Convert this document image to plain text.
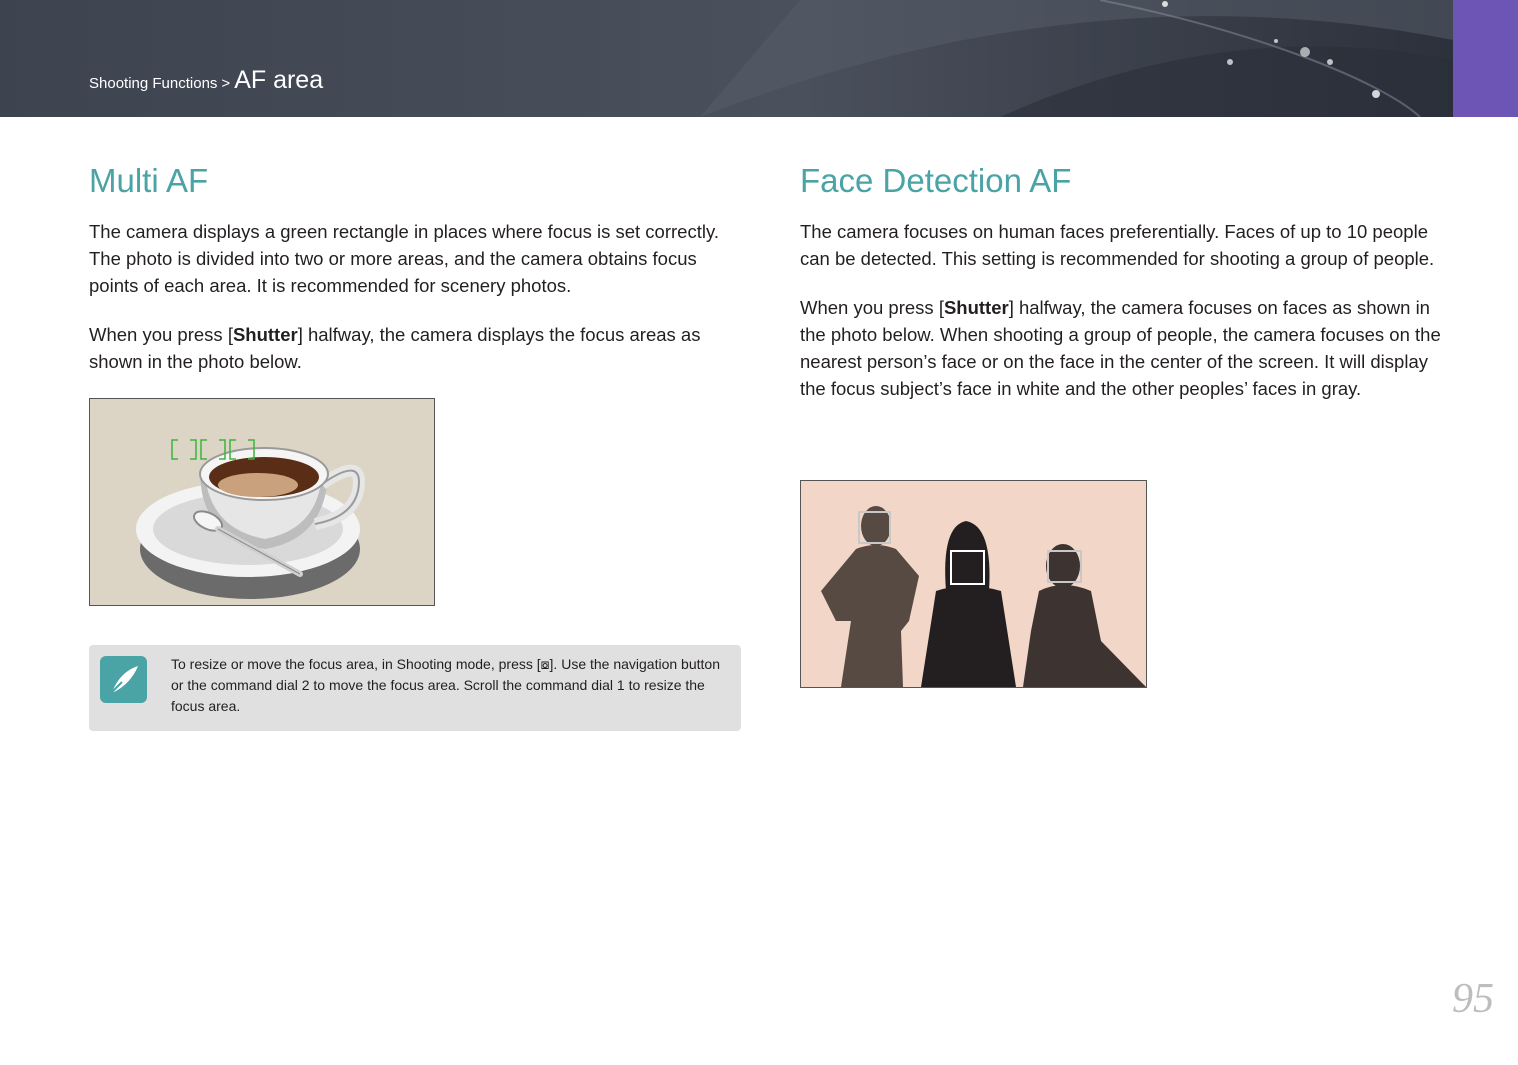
Shooting Functions > AF area
Multi AF

The camera displays a green rectangle in places where focus is set correctly. The photo is divided into two or more areas, and the camera obtains focus points of each area. It is recommended for scenery photos.

When you press [Shutter] halfway, the camera displays the focus areas as shown in the photo below.

To resize or move the focus area, in Shooting mode, press [⧇]. Use the navigation button or the command dial 2 to move the focus area. Scroll the command dial 1 to resize the focus area.
Face Detection AF

The camera focuses on human faces preferentially. Faces of up to 10 people can be detected. This setting is recommended for shooting a group of people.

When you press [Shutter] halfway, the camera focuses on faces as shown in the photo below. When shooting a group of people, the camera focuses on the nearest person’s face or on the face in the center of the screen. It will display the focus subject’s face in white and the other peoples’ faces in gray.

95
